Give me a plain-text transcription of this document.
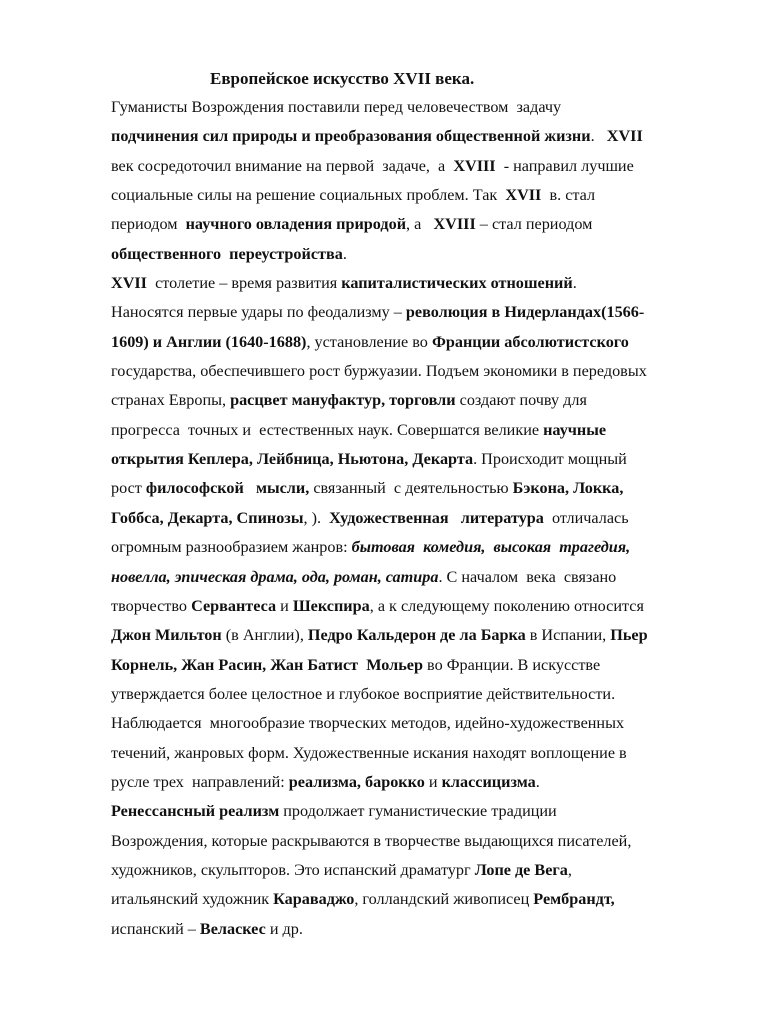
Европейское искусство XVII века.
Гуманисты Возрождения поставили перед человечеством  задачу
подчинения сил природы и преобразования общественной жизни.   XVII
век сосредоточил внимание на первой  задаче,  а  XVIII  - направил лучшие
социальные силы на решение социальных проблем. Так  XVII  в. стал
периодом  научного овладения природой, а   XVIII – стал периодом
общественного  переустройства.
XVII  столетие – время развития капиталистических отношений.
Наносятся первые удары по феодализму – революция в Нидерландах(1566-
1609) и Англии (1640-1688), установление во Франции абсолютистского
государства, обеспечившего рост буржуазии. Подъем экономики в передовых
странах Европы, расцвет мануфактур, торговли создают почву для
прогресса  точных и  естественных наук. Совершатся великие научные
открытия Кеплера, Лейбница, Ньютона, Декарта. Происходит мощный
рост философской   мысли, связанный  с деятельностью Бэкона, Локка,
Гоббса, Декарта, Спинозы, ).  Художественная   литература  отличалась
огромным разнообразием жанров: бытовая  комедия,  высокая  трагедия,
новелла, эпическая драма, ода, роман, сатира. С началом  века  связано
творчество Сервантеса и Шекспира, а к следующему поколению относится
Джон Мильтон (в Англии), Педро Кальдерон де ла Барка в Испании, Пьер
Корнель, Жан Расин, Жан Батист  Мольер во Франции. В искусстве
утверждается более целостное и глубокое восприятие действительности.
Наблюдается  многообразие творческих методов, идейно-художественных
течений, жанровых форм. Художественные искания находят воплощение в
русле трех  направлений: реализма, барокко и классицизма.
Ренессансный реализм продолжает гуманистические традиции
Возрождения, которые раскрываются в творчестве выдающихся писателей,
художников, скульпторов. Это испанский драматург Лопе де Вега,
итальянский художник Караваджо, голландский живописец Рембрандт,
испанский – Веласкес и др.
